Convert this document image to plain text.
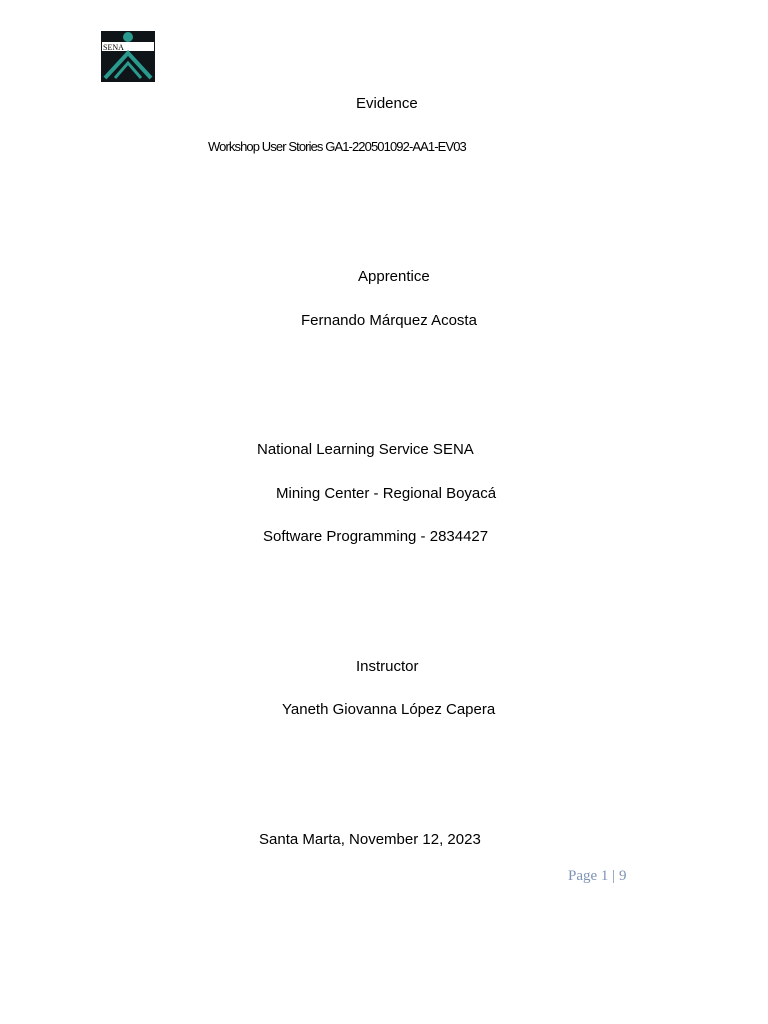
SENA
Evidence
Workshop User Stories GA1-220501092-AA1-EV03
Apprentice
Fernando Márquez Acosta
National Learning Service SENA
Mining Center - Regional Boyacá
Software Programming - 2834427
Instructor
Yaneth Giovanna López Capera
Santa Marta, November 12, 2023
Page 1 | 9
